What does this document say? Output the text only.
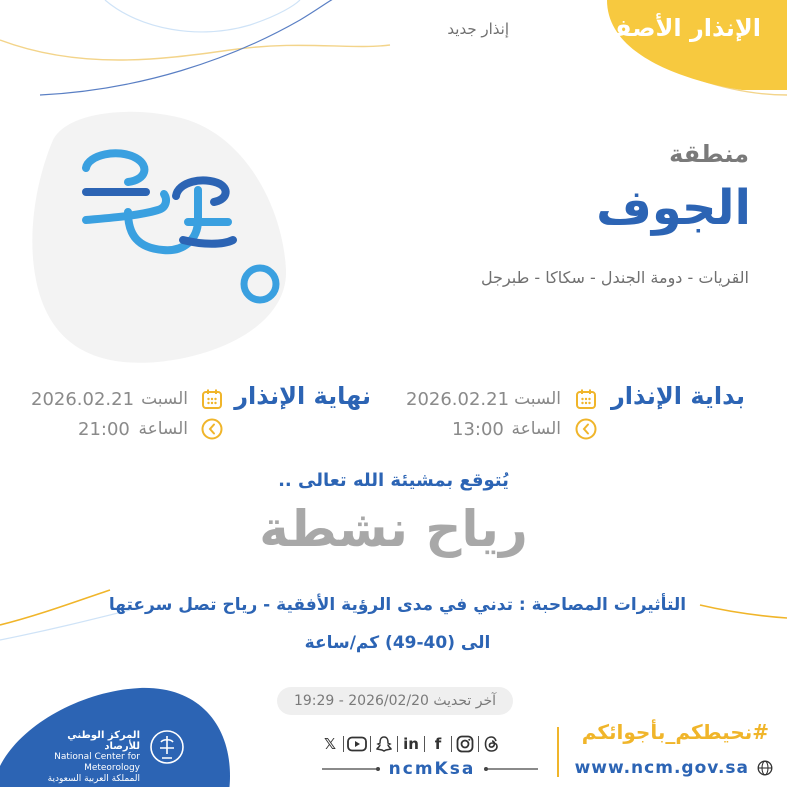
الإنذار الأصفر
إنذار جديد
منطقة
الجوف
القريات - دومة الجندل - سكاكا - طبرجل
بداية الإنذار
السبت
2026.02.21
الساعة
13:00
نهاية الإنذار
السبت
2026.02.21
الساعة
21:00
يُتوقع بمشيئة الله تعالى ..
رياح نشطة
التأثيرات المصاحبة : تدني في مدى الرؤية الأفقية - رياح تصل سرعتها
الى (40-49) كم/ساعة
آخر تحديث 2026/02/20 - 19:29
المركز الوطني للأرصاد
National Center for Meteorology
المملكة العربية السعودية
𝕏	in	f
ncmKsa
#نحيطكم_بأجوائكم
www.ncm.gov.sa
